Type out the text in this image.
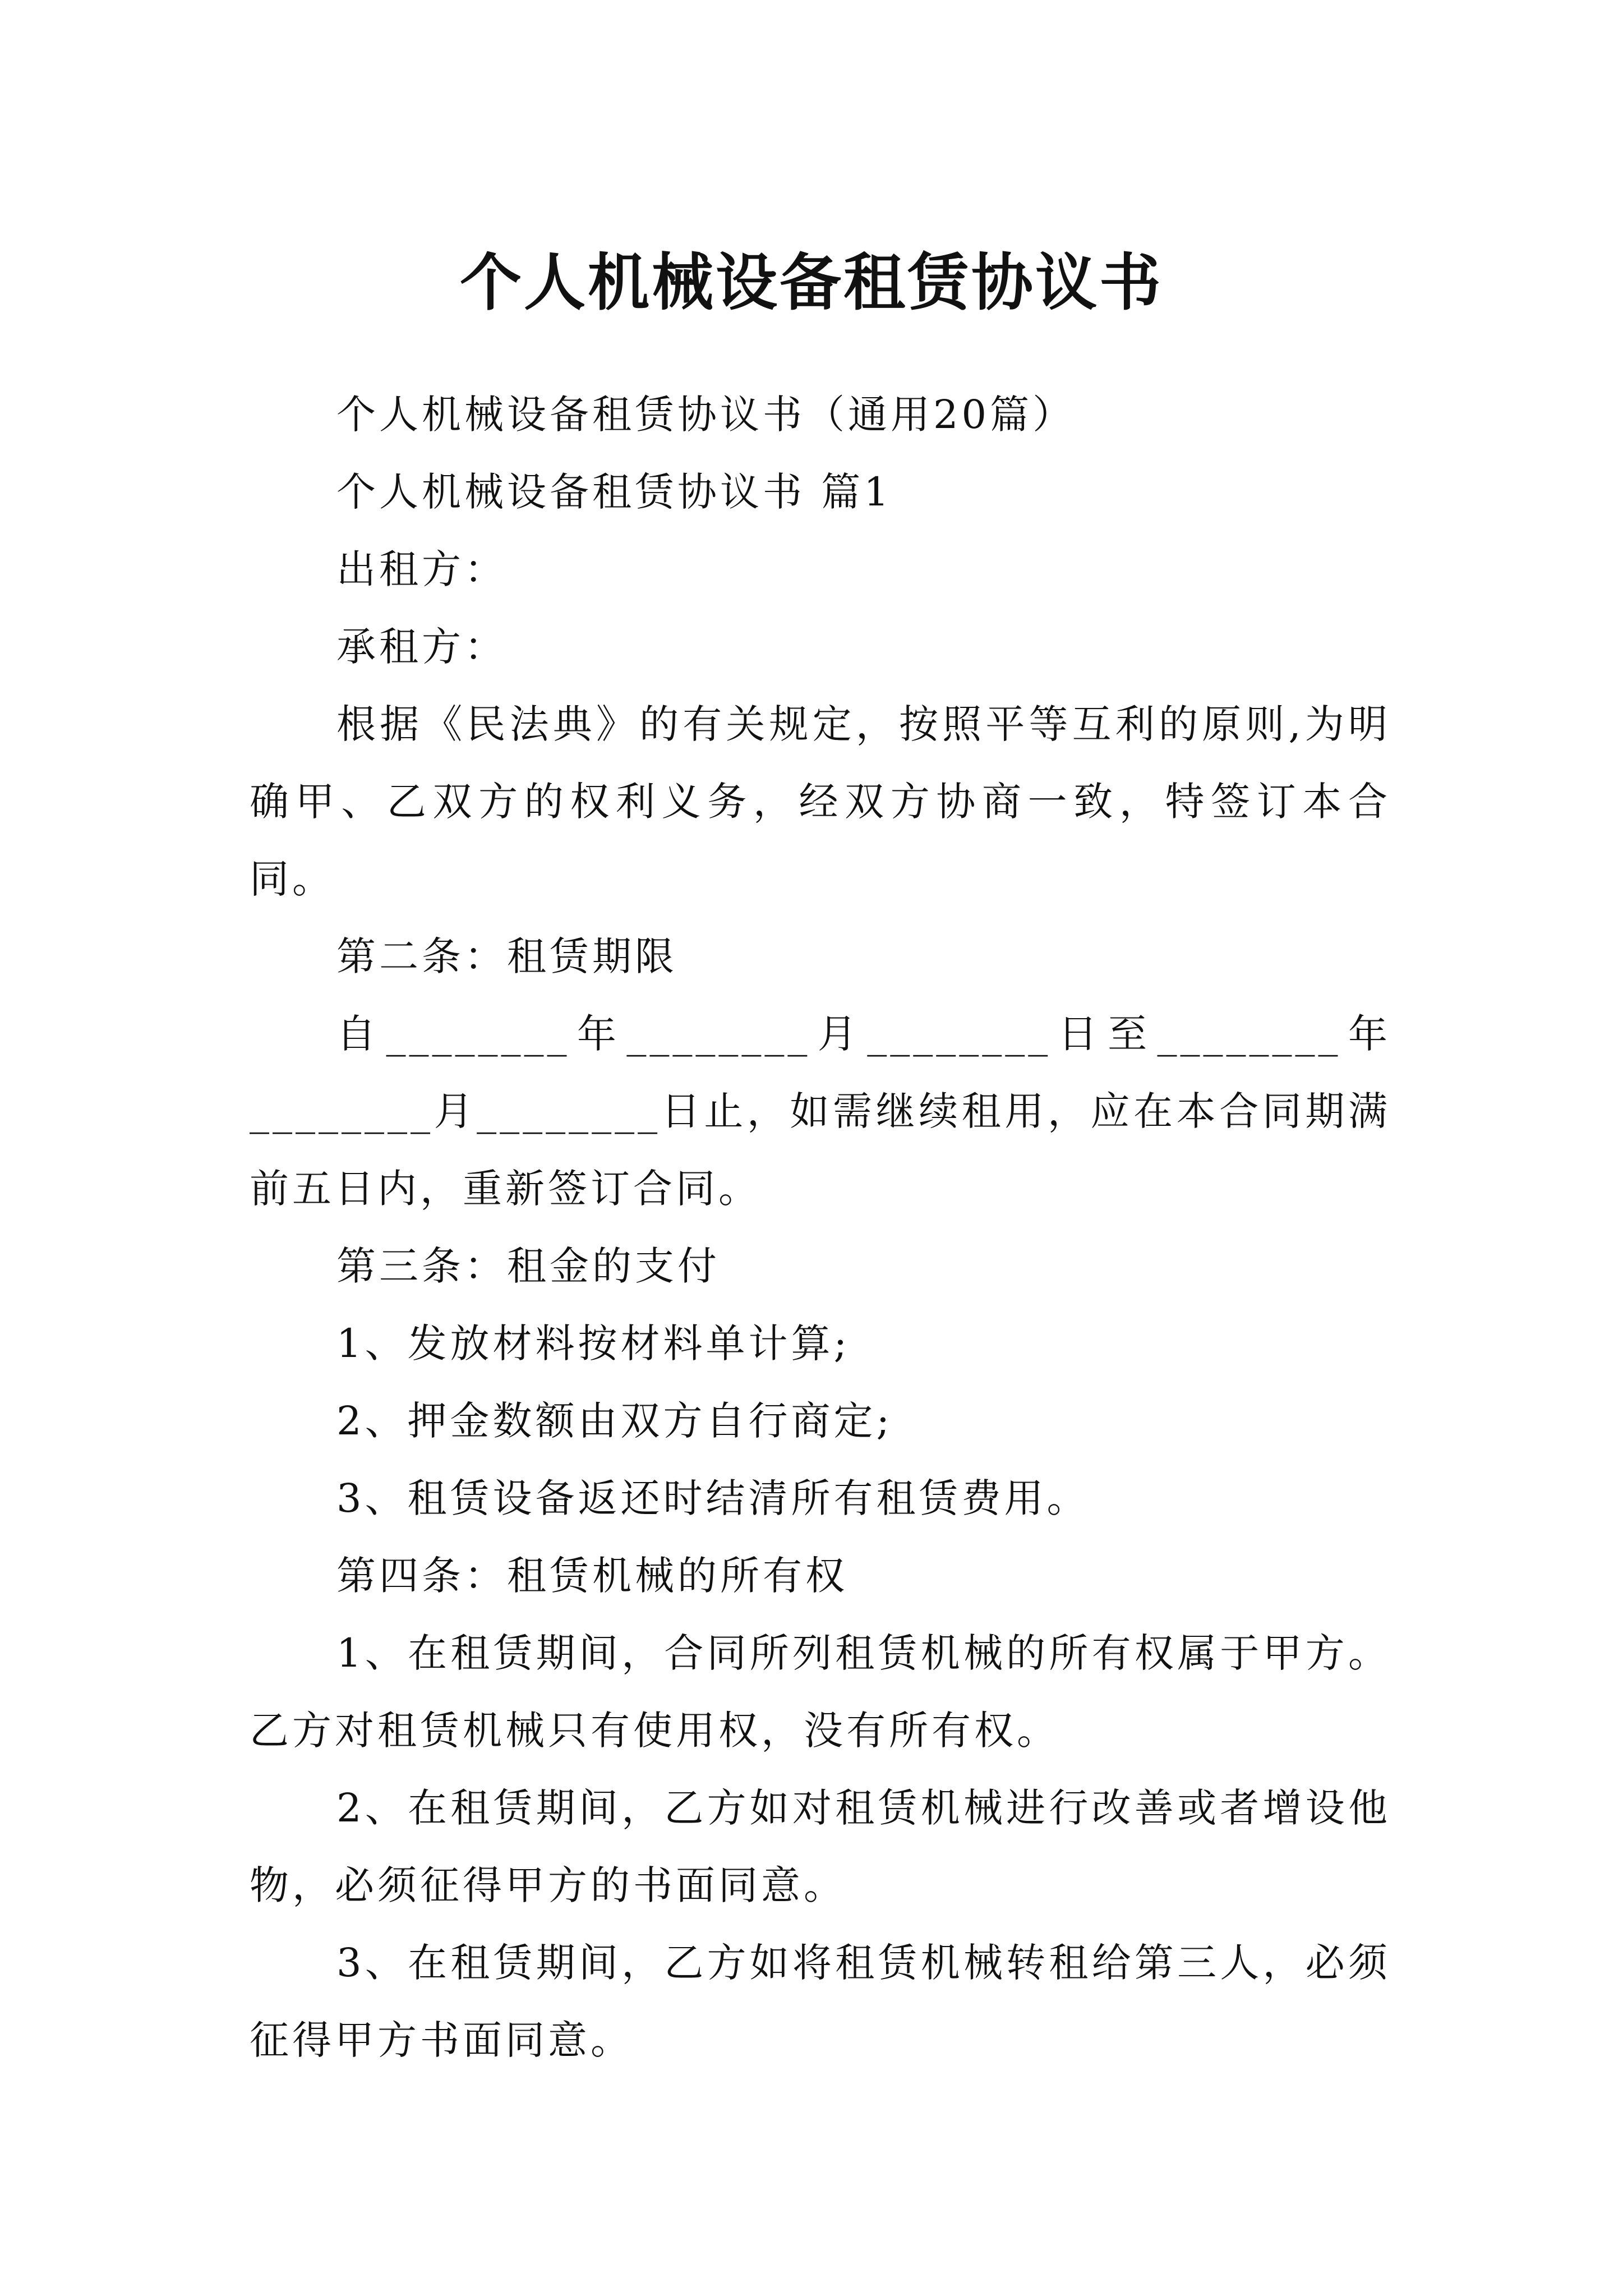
个人机械设备租赁协议书

个人机械设备租赁协议书（通用20篇）

个人机械设备租赁协议书 篇1

出租方：

承租方：

根据《民法典》的有关规定，按照平等互利的原则,为明确甲、乙双方的权利义务，经双方协商一致，特签订本合同。

第二条：租赁期限

自________年________月________日至________年________月________日止，如需继续租用，应在本合同期满前五日内，重新签订合同。

第三条：租金的支付

1、发放材料按材料单计算;

2、押金数额由双方自行商定;

3、租赁设备返还时结清所有租赁费用。

第四条：租赁机械的所有权

1、在租赁期间，合同所列租赁机械的所有权属于甲方。乙方对租赁机械只有使用权，没有所有权。

2、在租赁期间，乙方如对租赁机械进行改善或者增设他物，必须征得甲方的书面同意。

3、在租赁期间，乙方如将租赁机械转租给第三人，必须征得甲方书面同意。
